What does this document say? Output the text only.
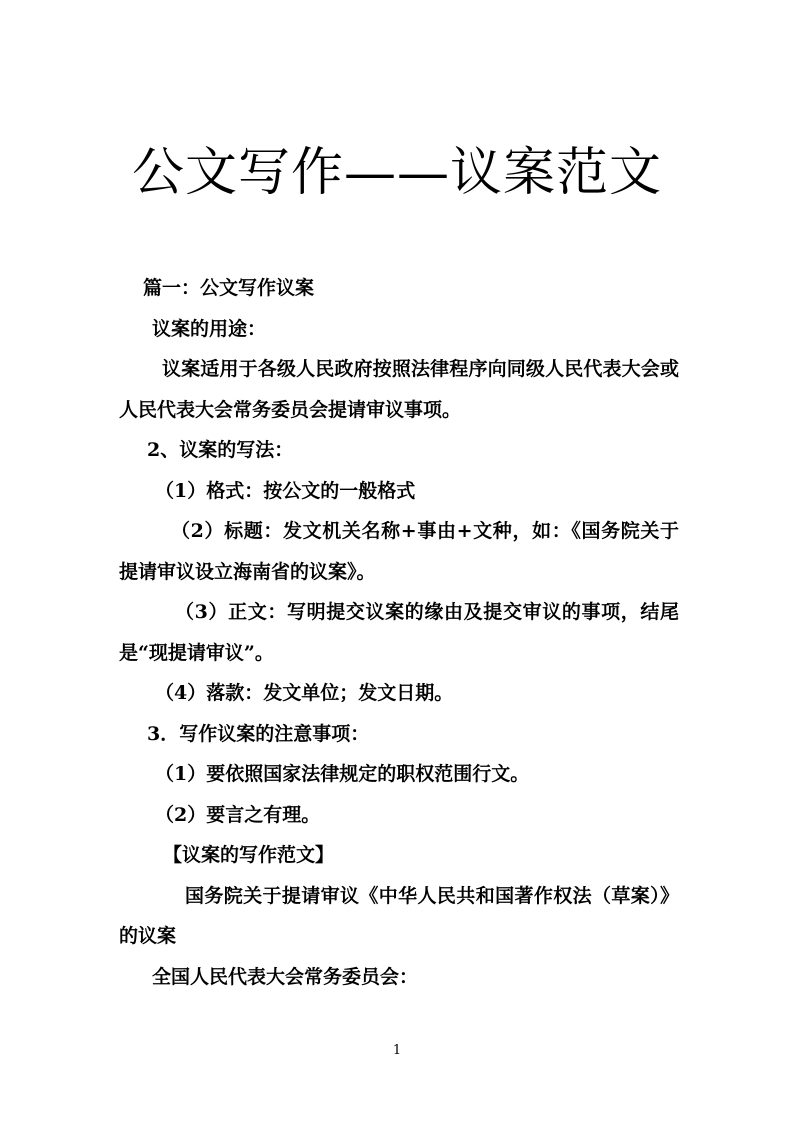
公文写作——议案范文

篇一：公文写作议案

议案的用途：

议案适用于各级人民政府按照法律程序向同级人民代表大会或人民代表大会常务委员会提请审议事项。

2、议案的写法：

（1）格式：按公文的一般格式

（2）标题：发文机关名称+事由+文种，如：《国务院关于提请审议设立海南省的议案》。

（3）正文：写明提交议案的缘由及提交审议的事项，结尾是“现提请审议”。

（4）落款：发文单位；发文日期。

3．写作议案的注意事项：

（1）要依照国家法律规定的职权范围行文。

（2）要言之有理。

【议案的写作范文】

国务院关于提请审议《中华人民共和国著作权法（草案）》的议案

全国人民代表大会常务委员会：

1
